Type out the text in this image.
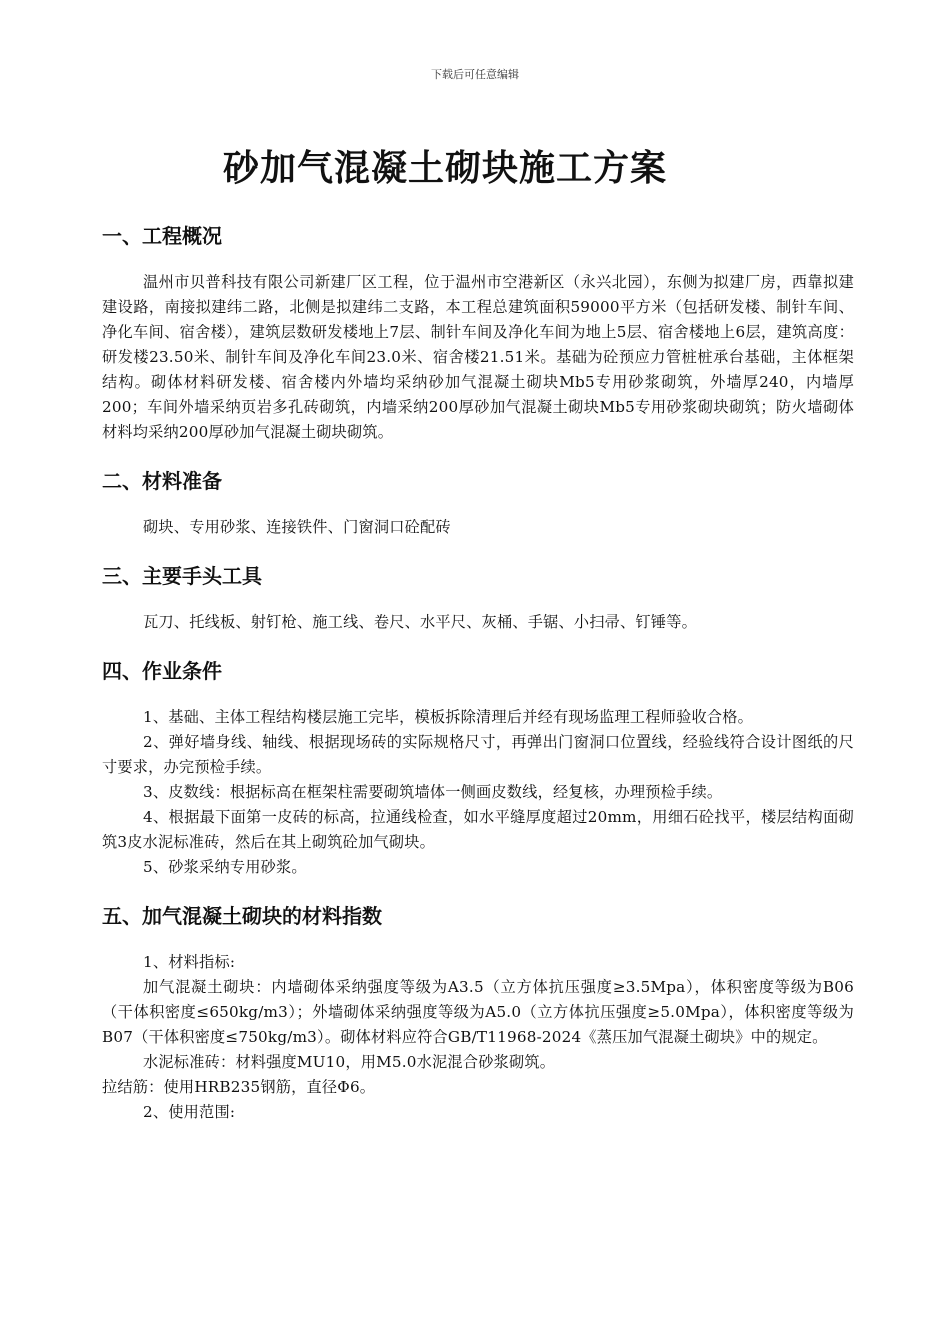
下载后可任意编辑
砂加气混凝土砌块施工方案
一、工程概况

温州市贝普科技有限公司新建厂区工程，位于温州市空港新区（永兴北园），东侧为拟建厂房，西靠拟建建设路，南接拟建纬二路，北侧是拟建纬二支路，本工程总建筑面积59000平方米（包括研发楼、制针车间、净化车间、宿舍楼），建筑层数研发楼地上7层、制针车间及净化车间为地上5层、宿舍楼地上6层，建筑高度：研发楼23.50米、制针车间及净化车间23.0米、宿舍楼21.51米。基础为砼预应力管桩桩承台基础，主体框架结构。砌体材料研发楼、宿舍楼内外墙均采纳砂加气混凝土砌块Mb5专用砂浆砌筑，外墙厚240，内墙厚200；车间外墙采纳页岩多孔砖砌筑，内墙采纳200厚砂加气混凝土砌块Mb5专用砂浆砌块砌筑；防火墙砌体材料均采纳200厚砂加气混凝土砌块砌筑。

二、材料准备

砌块、专用砂浆、连接铁件、门窗洞口砼配砖

三、主要手头工具

瓦刀、托线板、射钉枪、施工线、卷尺、水平尺、灰桶、手锯、小扫帚、钉锤等。

四、作业条件

1、基础、主体工程结构楼层施工完毕，模板拆除清理后并经有现场监理工程师验收合格。

2、弹好墙身线、轴线、根据现场砖的实际规格尺寸，再弹出门窗洞口位置线，经验线符合设计图纸的尺寸要求，办完预检手续。

3、皮数线：根据标高在框架柱需要砌筑墙体一侧画皮数线，经复核，办理预检手续。

4、根据最下面第一皮砖的标高，拉通线检查，如水平缝厚度超过20mm，用细石砼找平，楼层结构面砌筑3皮水泥标准砖，然后在其上砌筑砼加气砌块。

5、砂浆采纳专用砂浆。

五、加气混凝土砌块的材料指数

1、材料指标:

加气混凝土砌块：内墙砌体采纳强度等级为A3.5（立方体抗压强度≥3.5Mpa），体积密度等级为B06（干体积密度≤650kg/m3）；外墙砌体采纳强度等级为A5.0（立方体抗压强度≥5.0Mpa），体积密度等级为B07（干体积密度≤750kg/m3）。砌体材料应符合GB/T11968-2024《蒸压加气混凝土砌块》中的规定。

水泥标准砖：材料强度MU10，用M5.0水泥混合砂浆砌筑。

拉结筋：使用HRB235钢筋，直径Φ6。

2、使用范围:
